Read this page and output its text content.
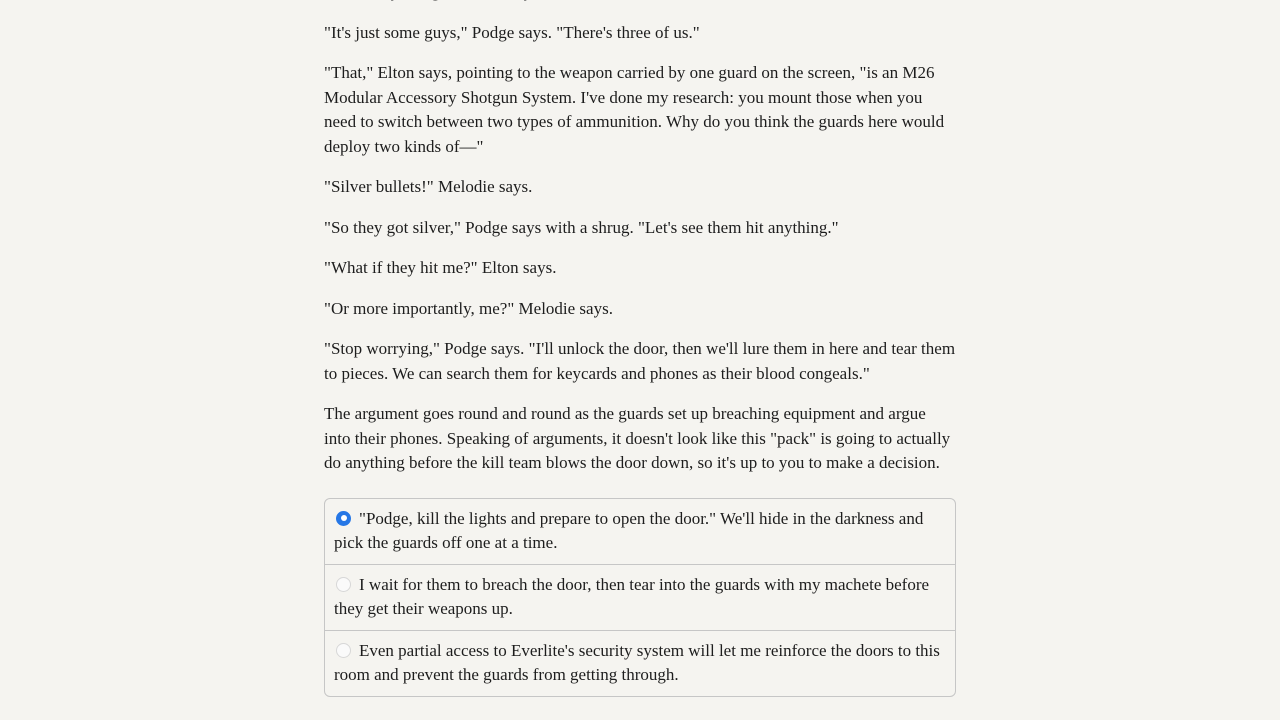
"It's just some guys," Podge says. "There's three of us."

"That," Elton says, pointing to the weapon carried by one guard on the screen, "is an M26 Modular Accessory Shotgun System. I've done my research: you mount those when you need to switch between two types of ammunition. Why do you think the guards here would deploy two kinds of—"

"Silver bullets!" Melodie says.

"So they got silver," Podge says with a shrug. "Let's see them hit anything."

"What if they hit me?" Elton says.

"Or more importantly, me?" Melodie says.

"Stop worrying," Podge says. "I'll unlock the door, then we'll lure them in here and tear them to pieces. We can search them for keycards and phones as their blood congeals."

The argument goes round and round as the guards set up breaching equipment and argue into their phones. Speaking of arguments, it doesn't look like this "pack" is going to actually do anything before the kill team blows the door down, so it's up to you to make a decision.

"Podge, kill the lights and prepare to open the door." We'll hide in the darkness and pick the guards off one at a time.
I wait for them to breach the door, then tear into the guards with my machete before they get their weapons up.
Even partial access to Everlite's security system will let me reinforce the doors to this room and prevent the guards from getting through.
